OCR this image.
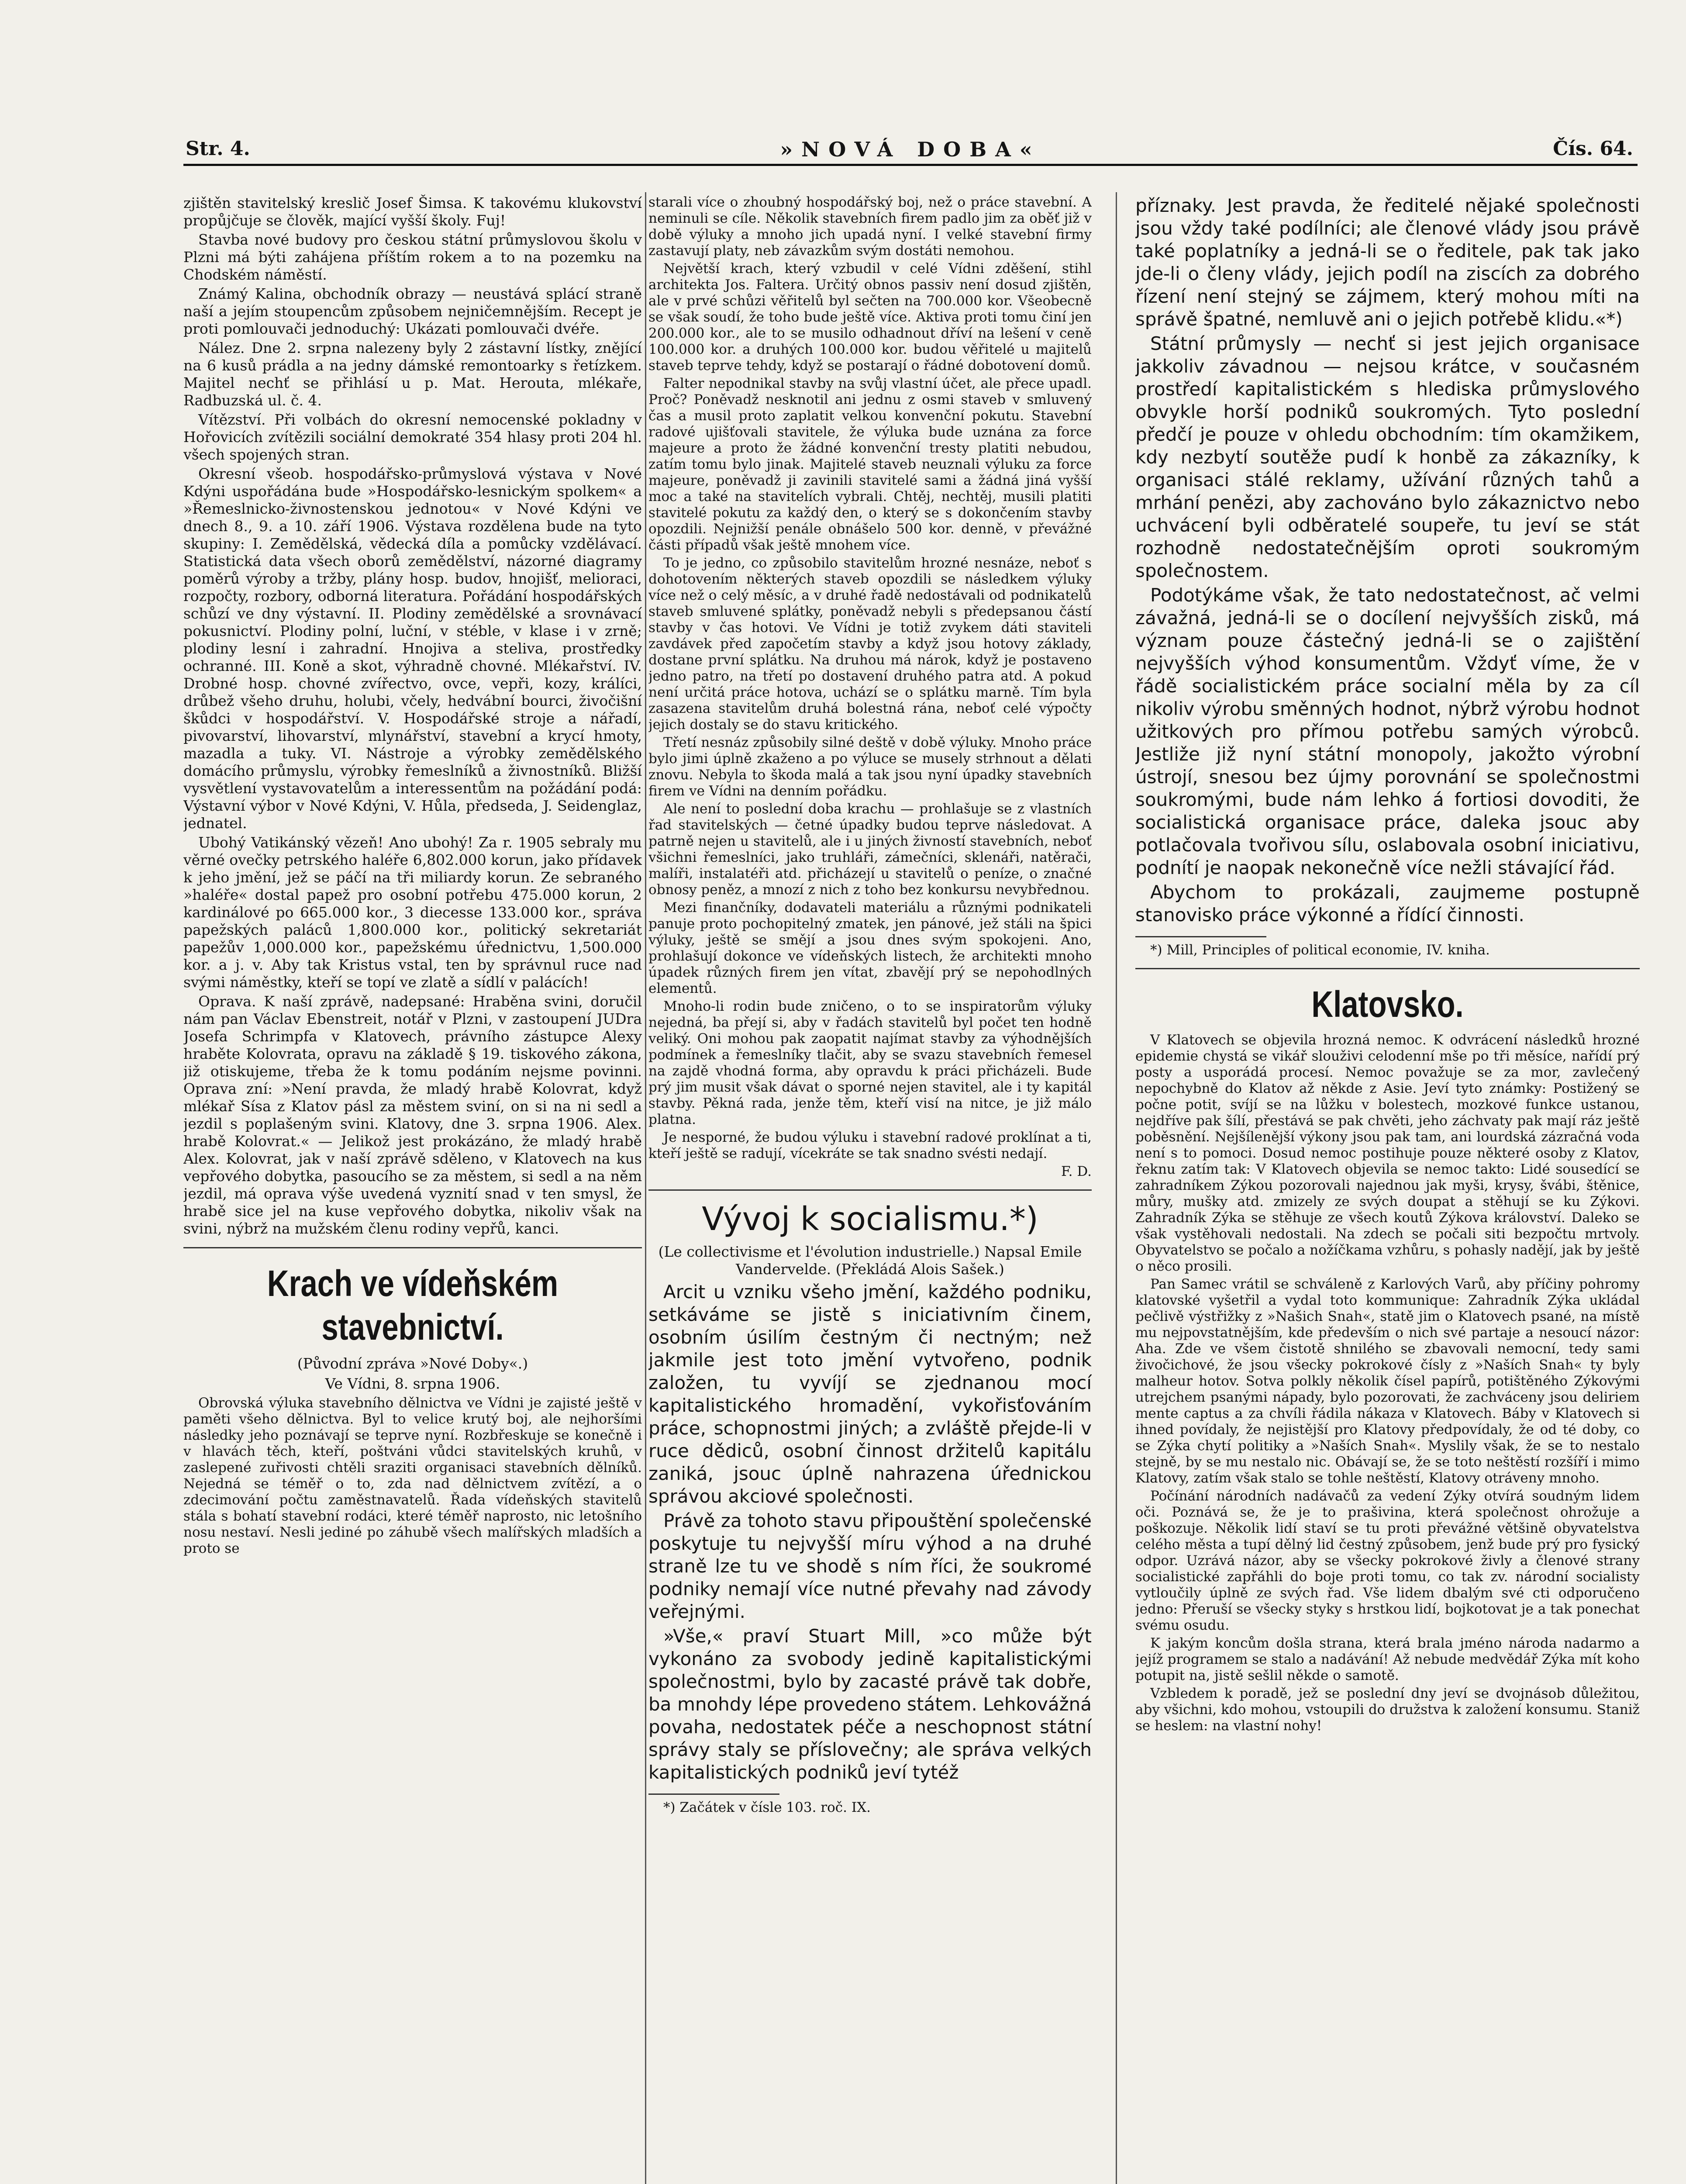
Str. 4.	»NOVÁ DOBA«	Čís. 64.

zjištěn stavitelský kreslič Josef Šimsa. K takovému klukovství propůjčuje se člověk, mající vyšší školy. Fuj!

Stavba nové budovy pro českou státní průmyslovou školu v Plzni má býti zahájena příštím rokem a to na pozemku na Chodském náměstí.

Známý Kalina, obchodník obrazy — neustává splácí straně naší a jejím stoupencům způsobem nejničemnějším. Recept je proti pomlouvači jednoduchý: Ukázati pomlouvači dvéře.

Nález. Dne 2. srpna nalezeny byly 2 zástavní lístky, znějící na 6 kusů prádla a na jedny dámské remontoarky s řetízkem. Majitel nechť se přihlásí u p. Mat. Herouta, mlékaře, Radbuzská ul. č. 4.

Vítězství. Při volbách do okresní nemocenské pokladny v Hořovicích zvítězili sociální demokraté 354 hlasy proti 204 hl. všech spojených stran.

Okresní všeob. hospodářsko-průmyslová výstava v Nové Kdýni uspořádána bude »Hospodářsko-lesnickým spolkem« a »Řemeslnicko-živnostenskou jednotou« v Nové Kdýni ve dnech 8., 9. a 10. září 1906. Výstava rozdělena bude na tyto skupiny: I. Zemědělská, vědecká díla a pomůcky vzdělávací. Statistická data všech oborů zemědělství, názorné diagramy poměrů výroby a tržby, plány hosp. budov, hnojišť, melioraci, rozpočty, rozbory, odborná literatura. Pořádání hospodářských schůzí ve dny výstavní. II. Plodiny zemědělské a srovnávací pokusnictví. Plodiny polní, luční, v stéble, v klase i v zrně; plodiny lesní i zahradní. Hnojiva a steliva, prostředky ochranné. III. Koně a skot, výhradně chovné. Mlékařství. IV. Drobné hosp. chovné zvířectvo, ovce, vepři, kozy, králíci, drůbež všeho druhu, holubi, včely, hedvábní bourci, živočišní škůdci v hospodářství. V. Hospodářské stroje a nářadí, pivovarství, lihovarství, mlynářství, stavební a krycí hmoty, mazadla a tuky. VI. Nástroje a výrobky zemědělského domácího průmyslu, výrobky řemeslníků a živnostníků. Bližší vysvětlení vystavovatelům a interessentům na požádání podá: Výstavní výbor v Nové Kdýni, V. Hůla, předseda, J. Seidenglaz, jednatel.

Ubohý Vatikánský vězeň! Ano ubohý! Za r. 1905 sebraly mu věrné ovečky petrského haléře 6,802.000 korun, jako přídavek k jeho jmění, jež se páčí na tři miliardy korun. Ze sebraného »haléře« dostal papež pro osobní potřebu 475.000 korun, 2 kardinálové po 665.000 kor., 3 diecesse 133.000 kor., správa papežských paláců 1,800.000 kor., politický sekretariát papežův 1,000.000 kor., papežskému úřednictvu, 1,500.000 kor. a j. v. Aby tak Kristus vstal, ten by správnul ruce nad svými náměstky, kteří se topí ve zlatě a sídlí v palácích!

Oprava. K naší zprávě, nadepsané: Hraběna svini, doručil nám pan Václav Ebenstreit, notář v Plzni, v zastoupení JUDra Josefa Schrimpfa v Klatovech, právního zástupce Alexy hraběte Kolovrata, opravu na základě § 19. tiskového zákona, již otiskujeme, třeba že k tomu podáním nejsme povinni. Oprava zní: »Není pravda, že mladý hrabě Kolovrat, když mlékař Sísa z Klatov pásl za městem sviní, on si na ni sedl a jezdil s poplašeným svini. Klatovy, dne 3. srpna 1906. Alex. hrabě Kolovrat.« — Jelikož jest prokázáno, že mladý hrabě Alex. Kolovrat, jak v naší zprávě sděleno, v Klatovech na kus vepřového dobytka, pasoucího se za městem, si sedl a na něm jezdil, má oprava výše uvedená vyznití snad v ten smysl, že hrabě sice jel na kuse vepřového dobytka, nikoliv však na svini, nýbrž na mužském členu rodiny vepřů, kanci.

Krach ve vídeňském stavebnictví.

(Původní zpráva »Nové Doby«.)

Ve Vídni, 8. srpna 1906.

Obrovská výluka stavebního dělnictva ve Vídni je zajisté ještě v paměti všeho dělnictva. Byl to velice krutý boj, ale nejhoršími následky jeho poznávají se teprve nyní. Rozbřeskuje se konečně i v hlavách těch, kteří, poštváni vůdci stavitelských kruhů, v zaslepené zuřivosti chtěli sraziti organisaci stavebních dělníků. Nejedná se téměř o to, zda nad dělnictvem zvítězí, a o zdecimování počtu zaměstnavatelů. Řada vídeňských stavitelů stála s bohatí stavební rodáci, které téměř naprosto, nic letošního nosu nestaví. Nesli jediné po záhubě všech malířských mladších a proto se

starali více o zhoubný hospodářský boj, než o práce stavební. A neminuli se cíle. Několik stavebních firem padlo jim za oběť již v době výluky a mnoho jich upadá nyní. I velké stavební firmy zastavují platy, neb závazkům svým dostáti nemohou.

Největší krach, který vzbudil v celé Vídni zděšení, stihl architekta Jos. Faltera. Určitý obnos passiv není dosud zjištěn, ale v prvé schůzi věřitelů byl sečten na 700.000 kor. Všeobecně se však soudí, že toho bude ještě více. Aktiva proti tomu činí jen 200.000 kor., ale to se musilo odhadnout dříví na lešení v ceně 100.000 kor. a druhých 100.000 kor. budou věřitelé u majitelů staveb teprve tehdy, když se postarají o řádné dobotovení domů.

Falter nepodnikal stavby na svůj vlastní účet, ale přece upadl. Proč? Poněvadž nesknotil ani jednu z osmi staveb v smluvený čas a musil proto zaplatit velkou konvenční pokutu. Stavební radové ujišťovali stavitele, že výluka bude uznána za force majeure a proto že žádné konvenční tresty platiti nebudou, zatím tomu bylo jinak. Majitelé staveb neuznali výluku za force majeure, poněvadž ji zavinili stavitelé sami a žádná jiná vyšší moc a také na stavitelích vybrali. Chtěj, nechtěj, musili platiti stavitelé pokutu za každý den, o který se s dokončením stavby opozdili. Nejnižší penále obnášelo 500 kor. denně, v převážné části případů však ještě mnohem více.

To je jedno, co způsobilo stavitelům hrozné nesnáze, neboť s dohotovením některých staveb opozdili se následkem výluky více než o celý měsíc, a v druhé řadě nedostávali od podnikatelů staveb smluvené splátky, poněvadž nebyli s předepsanou částí stavby v čas hotovi. Ve Vídni je totiž zvykem dáti staviteli zavdávek před započetím stavby a když jsou hotovy základy, dostane první splátku. Na druhou má nárok, když je postaveno jedno patro, na třetí po dostavení druhého patra atd. A pokud není určitá práce hotova, uchází se o splátku marně. Tím byla zasazena stavitelům druhá bolestná rána, neboť celé výpočty jejich dostaly se do stavu kritického.

Třetí nesnáz způsobily silné deště v době výluky. Mnoho práce bylo jimi úplně zkaženo a po výluce se musely strhnout a dělati znovu. Nebyla to škoda malá a tak jsou nyní úpadky stavebních firem ve Vídni na denním pořádku.

Ale není to poslední doba krachu — prohlašuje se z vlastních řad stavitelských — četné úpadky budou teprve následovat. A patrně nejen u stavitelů, ale i u jiných živností stavebních, neboť všichni řemeslníci, jako truhláři, zámečníci, sklenáři, natěrači, malíři, instalatéři atd. přicházejí u stavitelů o peníze, o značné obnosy peněz, a mnozí z nich z toho bez konkursu nevybřednou.

Mezi finančníky, dodavateli materiálu a různými podnikateli panuje proto pochopitelný zmatek, jen pánové, jež stáli na špici výluky, ještě se smějí a jsou dnes svým spokojeni. Ano, prohlašují dokonce ve vídeňských listech, že architekti mnoho úpadek různých firem jen vítat, zbavějí prý se nepohodlných elementů.

Mnoho-li rodin bude zničeno, o to se inspiratorům výluky nejedná, ba přejí si, aby v řadách stavitelů byl počet ten hodně veliký. Oni mohou pak zaopatit najímat stavby za výhodnějších podmínek a řemeslníky tlačit, aby se svazu stavebních řemesel na zajdě vhodná forma, aby opravdu k práci přicházeli. Bude prý jim musit však dávat o sporné nejen stavitel, ale i ty kapitál stavby. Pěkná rada, jenže těm, kteří visí na nitce, je již málo platna.

Je nesporné, že budou výluku i stavební radové proklínat a ti, kteří ještě se radují, vícekráte se tak snadno svésti nedají.

F. D.

Vývoj k socialismu.*)

(Le collectivisme et l'évolution industrielle.) Napsal Emile Vandervelde. (Překládá Alois Sašek.)

Arcit u vzniku všeho jmění, každého podniku, setkáváme se jistě s iniciativním činem, osobním úsilím čestným či nectným; než jakmile jest toto jmění vytvořeno, podnik založen, tu vyvíjí se zjednanou mocí kapitalistického hromadění, vykořisťováním práce, schopnostmi jiných; a zvláště přejde-li v ruce dědiců, osobní činnost držitelů kapitálu zaniká, jsouc úplně nahrazena úřednickou správou akciové společnosti.

Právě za tohoto stavu připouštění společenské poskytuje tu nejvyšší míru výhod a na druhé straně lze tu ve shodě s ním říci, že soukromé podniky nemají více nutné převahy nad závody veřejnými.

»Vše,« praví Stuart Mill, »co může být vykonáno za svobody jedině kapitalistickými společnostmi, bylo by zacasté právě tak dobře, ba mnohdy lépe provedeno státem. Lehkovážná povaha, nedostatek péče a neschopnost státní správy staly se příslovečny; ale správa velkých kapitalistických podniků jeví tytéž

*) Začátek v čísle 103. roč. IX.

příznaky. Jest pravda, že ředitelé nějaké společnosti jsou vždy také podílníci; ale členové vlády jsou právě také poplatníky a jedná-li se o ředitele, pak tak jako jde-li o členy vlády, jejich podíl na ziscích za dobrého řízení není stejný se zájmem, který mohou míti na správě špatné, nemluvě ani o jejich potřebě klidu.«*)

Státní průmysly — nechť si jest jejich organisace jakkoliv závadnou — nejsou krátce, v současném prostředí kapitalistickém s hlediska průmyslového obvykle horší podniků soukromých. Tyto poslední předčí je pouze v ohledu obchodním: tím okamžikem, kdy nezbytí soutěže pudí k honbě za zákazníky, k organisaci stálé reklamy, užívání různých tahů a mrhání penězi, aby zachováno bylo zákaznictvo nebo uchvácení byli odběratelé soupeře, tu jeví se stát rozhodně nedostatečnějším oproti soukromým společnostem.

Podotýkáme však, že tato nedostatečnost, ač velmi závažná, jedná-li se o docílení nejvyšších zisků, má význam pouze částečný jedná-li se o zajištění nejvyšších výhod konsumentům. Vždyť víme, že v řádě socialistickém práce socialní měla by za cíl nikoliv výrobu směnných hodnot, nýbrž výrobu hodnot užitkových pro přímou potřebu samých výrobců. Jestliže již nyní státní monopoly, jakožto výrobní ústrojí, snesou bez újmy porovnání se společnostmi soukromými, bude nám lehko á fortiosi dovoditi, že socialistická organisace práce, daleka jsouc aby potlačovala tvořivou sílu, oslabovala osobní iniciativu, podnítí je naopak nekonečně více nežli stávající řád.

Abychom to prokázali, zaujmeme postupně stanovisko práce výkonné a řídící činnosti.

*) Mill, Principles of political economie, IV. kniha.

Klatovsko.

V Klatovech se objevila hrozná nemoc. K odvrácení následků hrozné epidemie chystá se vikář slouživi celodenní mše po tři měsíce, nařídí prý posty a usporádá procesí. Nemoc považuje se za mor, zavlečený nepochybně do Klatov až někde z Asie. Jeví tyto známky: Postižený se počne potit, svíjí se na lůžku v bolestech, mozkové funkce ustanou, nejdříve pak šílí, přestává se pak chvěti, jeho záchvaty pak mají ráz ještě poběsnění. Nejšílenější výkony jsou pak tam, ani lourdská zázračná voda není s to pomoci. Dosud nemoc postihuje pouze některé osoby z Klatov, řeknu zatím tak: V Klatovech objevila se nemoc takto: Lidé sousedící se zahradníkem Zýkou pozorovali najednou jak myši, krysy, švábi, štěnice, můry, mušky atd. zmizely ze svých doupat a stěhují se ku Zýkovi. Zahradník Zýka se stěhuje ze všech koutů Zýkova království. Daleko se však vystěhovali nedostali. Na zdech se počali siti bezpočtu mrtvoly. Obyvatelstvo se počalo a nožíčkama vzhůru, s pohasly nadějí, jak by ještě o něco prosili.

Pan Samec vrátil se schváleně z Karlových Varů, aby příčiny pohromy klatovské vyšetřil a vydal toto kommunique: Zahradník Zýka ukládal pečlivě výstřižky z »Našich Snah«, statě jim o Klatovech psané, na místě mu nejpovstatnějším, kde především o nich své partaje a nesoucí názor: Aha. Zde ve všem čistotě shnilého se zbavovali nemocní, tedy sami živočichové, že jsou všecky pokrokové čísly z »Naších Snah« ty byly malheur hotov. Sotva polkly několik čísel papírů, potištěného Zýkovými utrejchem psanými nápady, bylo pozorovati, že zachváceny jsou deliriem mente captus a za chvíli řádila nákaza v Klatovech. Báby v Klatovech si ihned povídaly, že nejistější pro Klatovy předpovídaly, že od té doby, co se Zýka chytí politiky a »Naších Snah«. Myslily však, že se to nestalo stejně, by se mu nestalo nic. Obávají se, že se toto neštěstí rozšíří i mimo Klatovy, zatím však stalo se tohle neštěstí, Klatovy otráveny mnoho.

Počínání národních nadávačů za vedení Zýky otvírá soudným lidem oči. Poznává se, že je to prašivina, která společnost ohrožuje a poškozuje. Několik lidí staví se tu proti převážné většině obyvatelstva celého města a tupí dělný lid čestný způsobem, jenž bude prý pro fysický odpor. Uzrává názor, aby se všecky pokrokové živly a členové strany socialistické zapřáhli do boje proti tomu, co tak zv. národní socialisty vytloučily úplně ze svých řad. Vše lidem dbalým své cti odporučeno jedno: Přeruší se všecky styky s hrstkou lidí, bojkotovat je a tak ponechat svému osudu.

K jakým koncům došla strana, která brala jméno národa nadarmo a jejíž programem se stalo a nadávání! Až nebude medvědář Zýka mít koho potupit na, jistě sešlil někde o samotě.

Vzbledem k poradě, jež se poslední dny jeví se dvojnásob důležitou, aby všichni, kdo mohou, vstoupili do družstva k založení konsumu. Staniž se heslem: na vlastní nohy!
